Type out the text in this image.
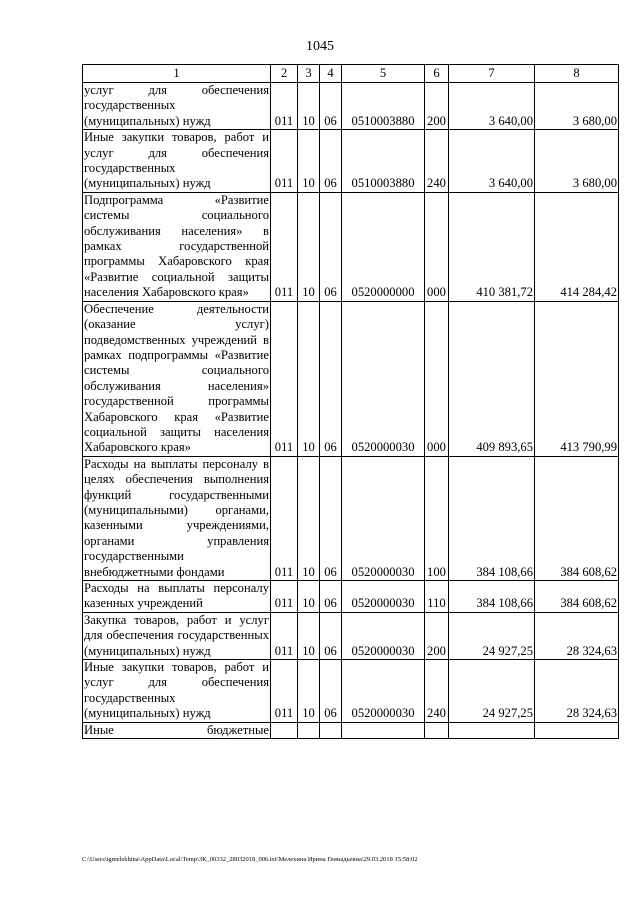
1045
1	2	3	4	5	6	7	8
услуг для обеспечения государственных (муниципальных) нужд	011	10	06	0510003880	200	3 640,00	3 680,00
Иные закупки товаров, работ и услуг для обеспечения государственных (муниципальных) нужд	011	10	06	0510003880	240	3 640,00	3 680,00
Подпрограмма «Развитие системы социального обслуживания населения» в рамках государственной программы Хабаровского края «Развитие социальной защиты населения Хабаровского края»	011	10	06	0520000000	000	410 381,72	414 284,42
Обеспечение деятельности (оказание услуг) подведомственных учреждений в рамках подпрограммы «Развитие системы социального обслуживания населения» государственной программы Хабаровского края «Развитие социальной защиты населения Хабаровского края»	011	10	06	0520000030	000	409 893,65	413 790,99
Расходы на выплаты персоналу в целях обеспечения выполнения функций государственными (муниципальными) органами, казенными учреждениями, органами управления государственными внебюджетными фондами	011	10	06	0520000030	100	384 108,66	384 608,62
Расходы на выплаты персоналу казенных учреждений	011	10	06	0520000030	110	384 108,66	384 608,62
Закупка товаров, работ и услуг для обеспечения государственных (муниципальных) нужд	011	10	06	0520000030	200	24 927,25	28 324,63
Иные закупки товаров, работ и услуг для обеспечения государственных (муниципальных) нужд	011	10	06	0520000030	240	24 927,25	28 324,63
Иные бюджетные							
C:\Users\igmelekhina\AppData\Local\Temp\ЗК_00332_28032018_006.txt\Мелехина Ирина Геннадьевна\29.03.2018 15:58:02
